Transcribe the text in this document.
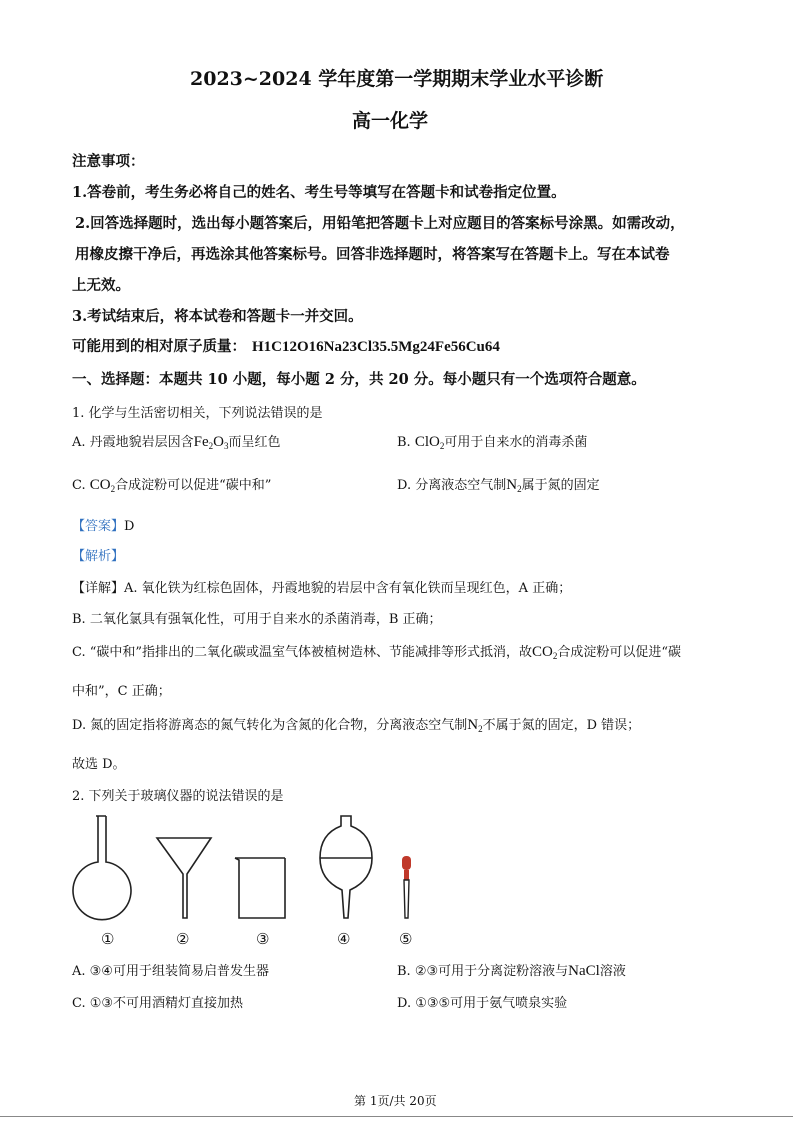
2023~2024 学年度第一学期期末学业水平诊断
高一化学
注意事项：
1.答卷前，考生务必将自己的姓名、考生号等填写在答题卡和试卷指定位置。
2.回答选择题时，选出每小题答案后，用铅笔把答题卡上对应题目的答案标号涂黑。如需改动，
用橡皮擦干净后，再选涂其他答案标号。回答非选择题时，将答案写在答题卡上。写在本试卷
上无效。
3.考试结束后，将本试卷和答题卡一并交回。
可能用到的相对原子质量： H1C12O16Na23Cl35.5Mg24Fe56Cu64
一、选择题：本题共 10 小题，每小题 2 分，共 20 分。每小题只有一个选项符合题意。
1. 化学与生活密切相关，下列说法错误的是
A. 丹霞地貌岩层因含$Fe_2O_3$而呈红色	B. ClO$_2$可用于自来水的消毒杀菌
C. $CO_2$合成淀粉可以促进“碳中和”	D. 分离液态空气制$N_2$属于氮的固定
【答案】D
【解析】
【详解】A. 氧化铁为红棕色固体，丹霞地貌的岩层中含有氧化铁而呈现红色，A 正确；
B. 二氧化氯具有强氧化性，可用于自来水的杀菌消毒，B 正确；
C. “碳中和”指排出的二氧化碳或温室气体被植树造林、节能减排等形式抵消，故$CO_2$合成淀粉可以促进“碳
中和”，C 正确；
D. 氮的固定指将游离态的氮气转化为含氮的化合物，分离液态空气制$N_2$不属于氮的固定，D 错误；
故选 D。
2. 下列关于玻璃仪器的说法错误的是
①	②	③	④	⑤
A. ③④可用于组装简易启普发生器	B. ②③可用于分离淀粉溶液与NaCl溶液
C. ①③不可用酒精灯直接加热	D. ①③⑤可用于氨气喷泉实验
第 1页/共 20页
